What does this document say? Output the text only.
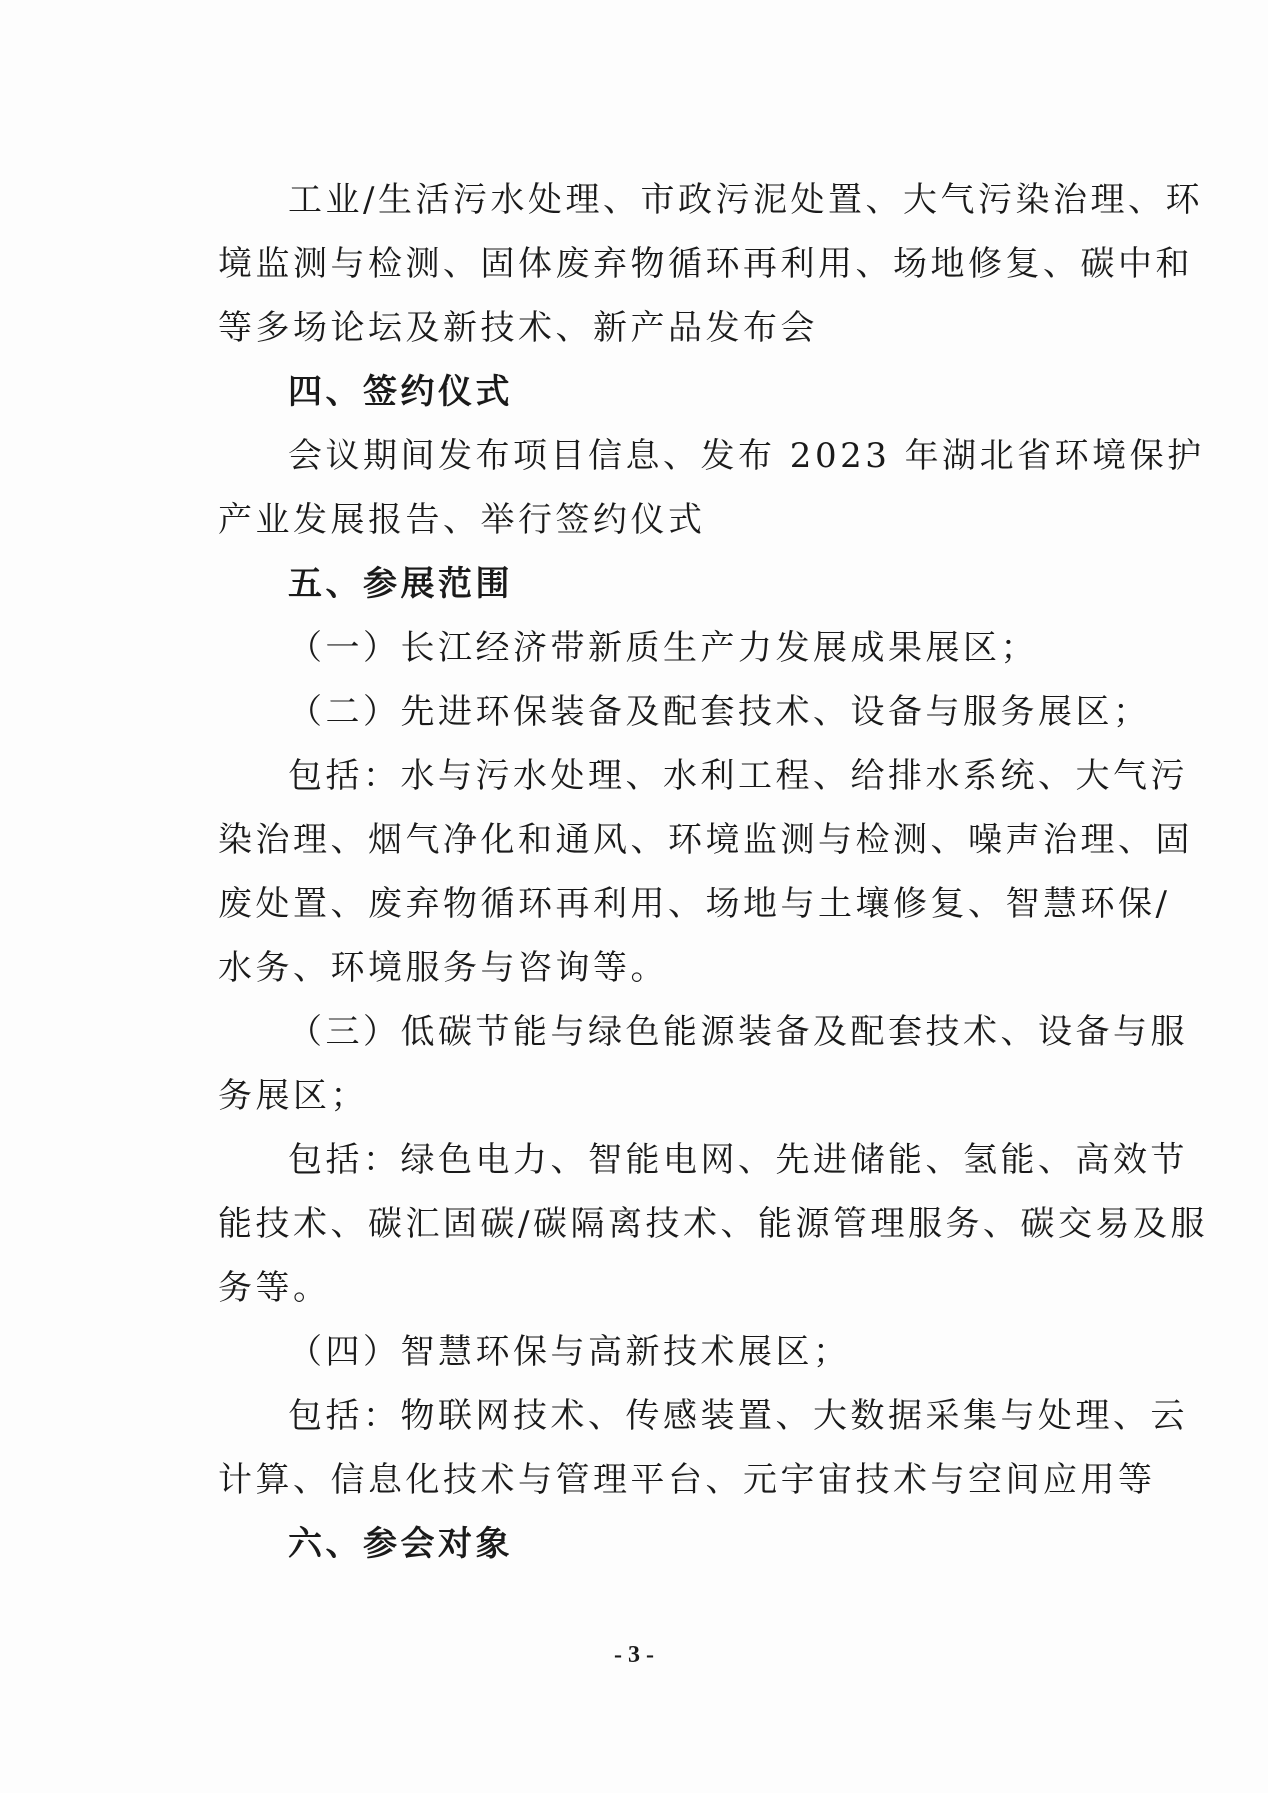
工业/生活污水处理、市政污泥处置、大气污染治理、环
境监测与检测、固体废弃物循环再利用、场地修复、碳中和
等多场论坛及新技术、新产品发布会
四、签约仪式
会议期间发布项目信息、发布 2023 年湖北省环境保护
产业发展报告、举行签约仪式
五、参展范围
（一）长江经济带新质生产力发展成果展区；
（二）先进环保装备及配套技术、设备与服务展区；
包括：水与污水处理、水利工程、给排水系统、大气污
染治理、烟气净化和通风、环境监测与检测、噪声治理、固
废处置、废弃物循环再利用、场地与土壤修复、智慧环保/
水务、环境服务与咨询等。
（三）低碳节能与绿色能源装备及配套技术、设备与服
务展区；
包括：绿色电力、智能电网、先进储能、氢能、高效节
能技术、碳汇固碳/碳隔离技术、能源管理服务、碳交易及服
务等。
（四）智慧环保与高新技术展区；
包括：物联网技术、传感装置、大数据采集与处理、云
计算、信息化技术与管理平台、元宇宙技术与空间应用等
六、参会对象
- 3 -
